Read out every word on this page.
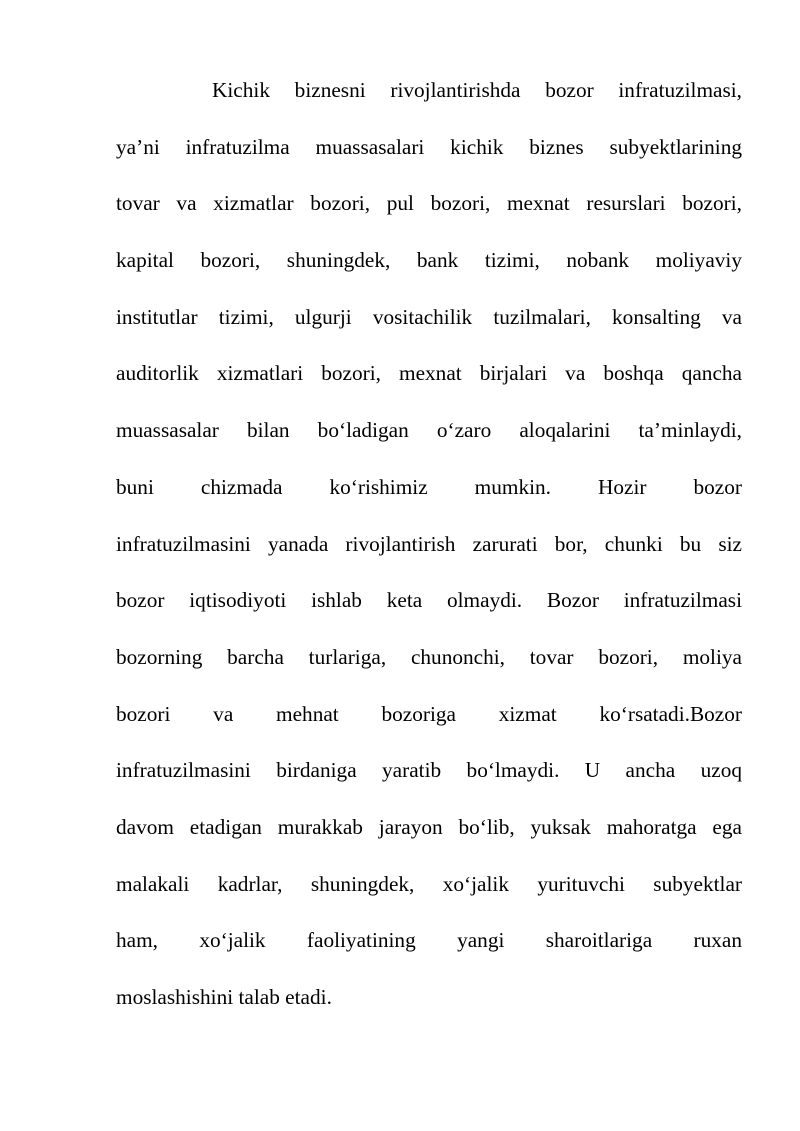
Kichik biznesni rivojlantirishda bozor infratuzilmasi,
ya’ni infratuzilma muassasalari kichik biznes subyektlarining
tovar va xizmatlar bozori, pul bozori, mexnat resurslari bozori,
kapital bozori, shuningdek, bank tizimi, nobank moliyaviy
institutlar tizimi, ulgurji vositachilik tuzilmalari, konsalting va
auditorlik xizmatlari bozori, mexnat birjalari va boshqa qancha
muassasalar bilan bo‘ladigan o‘zaro aloqalarini ta’minlaydi,
buni chizmada ko‘rishimiz mumkin. Hozir bozor
infratuzilmasini yanada rivojlantirish zarurati bor, chunki bu siz
bozor iqtisodiyoti ishlab keta olmaydi. Bozor infratuzilmasi
bozorning barcha turlariga, chunonchi, tovar bozori, moliya
bozori va mehnat bozoriga xizmat ko‘rsatadi.Bozor
infratuzilmasini birdaniga yaratib bo‘lmaydi. U ancha uzoq
davom etadigan murakkab jarayon bo‘lib, yuksak mahoratga ega
malakali kadrlar, shuningdek, xo‘jalik yurituvchi subyektlar
ham, xo‘jalik faoliyatining yangi sharoitlariga ruxan
moslashishini talab etadi.
